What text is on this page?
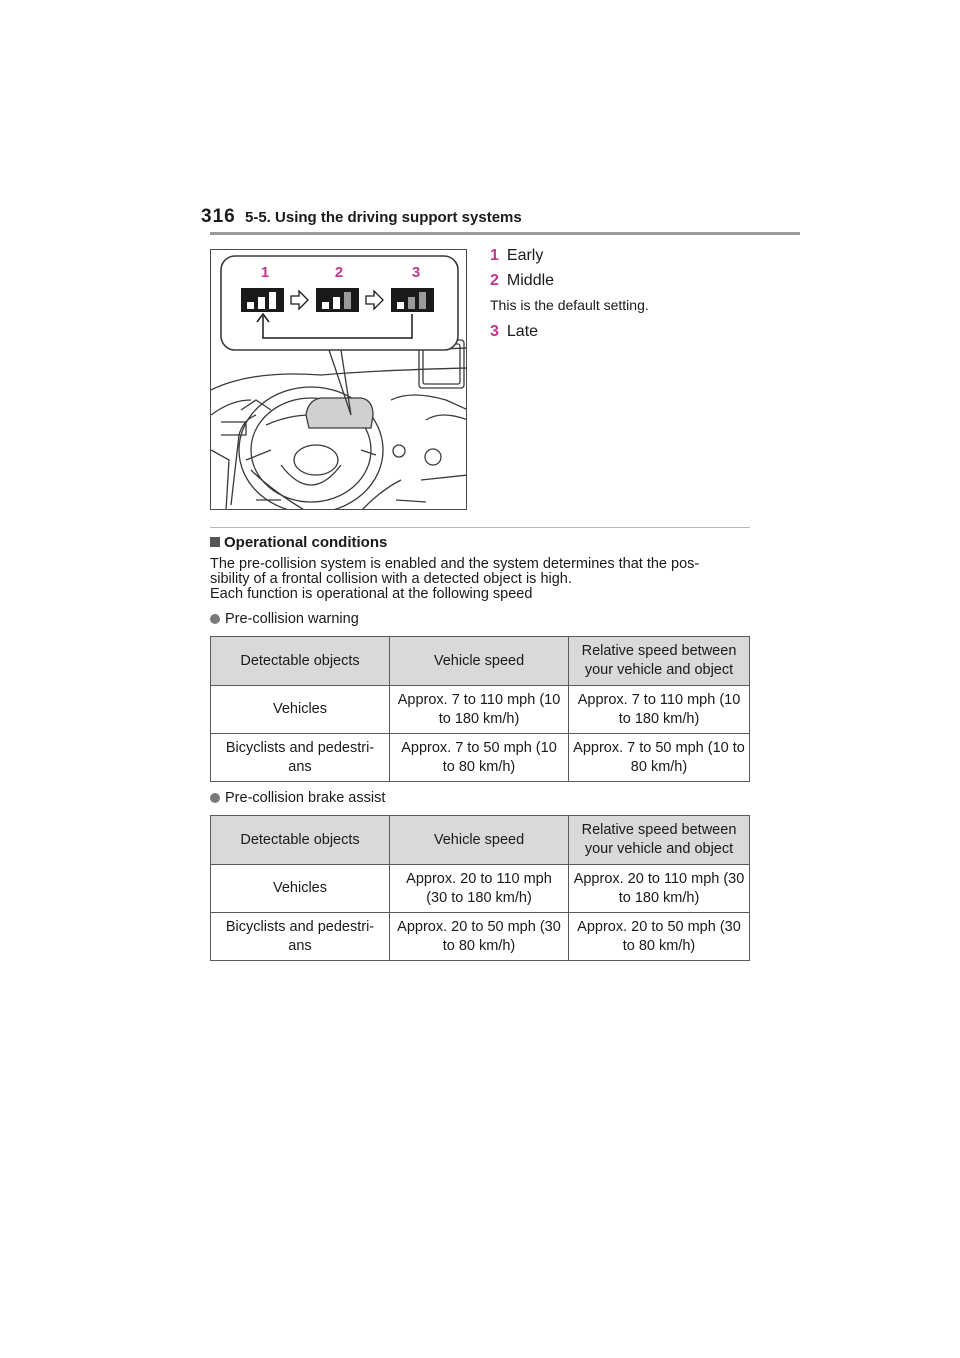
316 5-5. Using the driving support systems
1	2	3

1 Early

2 Middle

This is the default setting.

3 Late

Operational conditions

The pre-collision system is enabled and the system determines that the pos-

sibility of a frontal collision with a detected object is high.

Each function is operational at the following speed

Pre-collision warning
Detectable objects	Vehicle speed	Relative speed between your vehicle and object
Vehicles	Approx. 7 to 110 mph (10 to 180 km/h)	Approx. 7 to 110 mph (10 to 180 km/h)
Bicyclists and pedestri-ans	Approx. 7 to 50 mph (10 to 80 km/h)	Approx. 7 to 50 mph (10 to 80 km/h)
Pre-collision brake assist
Detectable objects	Vehicle speed	Relative speed between your vehicle and object
Vehicles	Approx. 20 to 110 mph (30 to 180 km/h)	Approx. 20 to 110 mph (30 to 180 km/h)
Bicyclists and pedestri-ans	Approx. 20 to 50 mph (30 to 80 km/h)	Approx. 20 to 50 mph (30 to 80 km/h)
